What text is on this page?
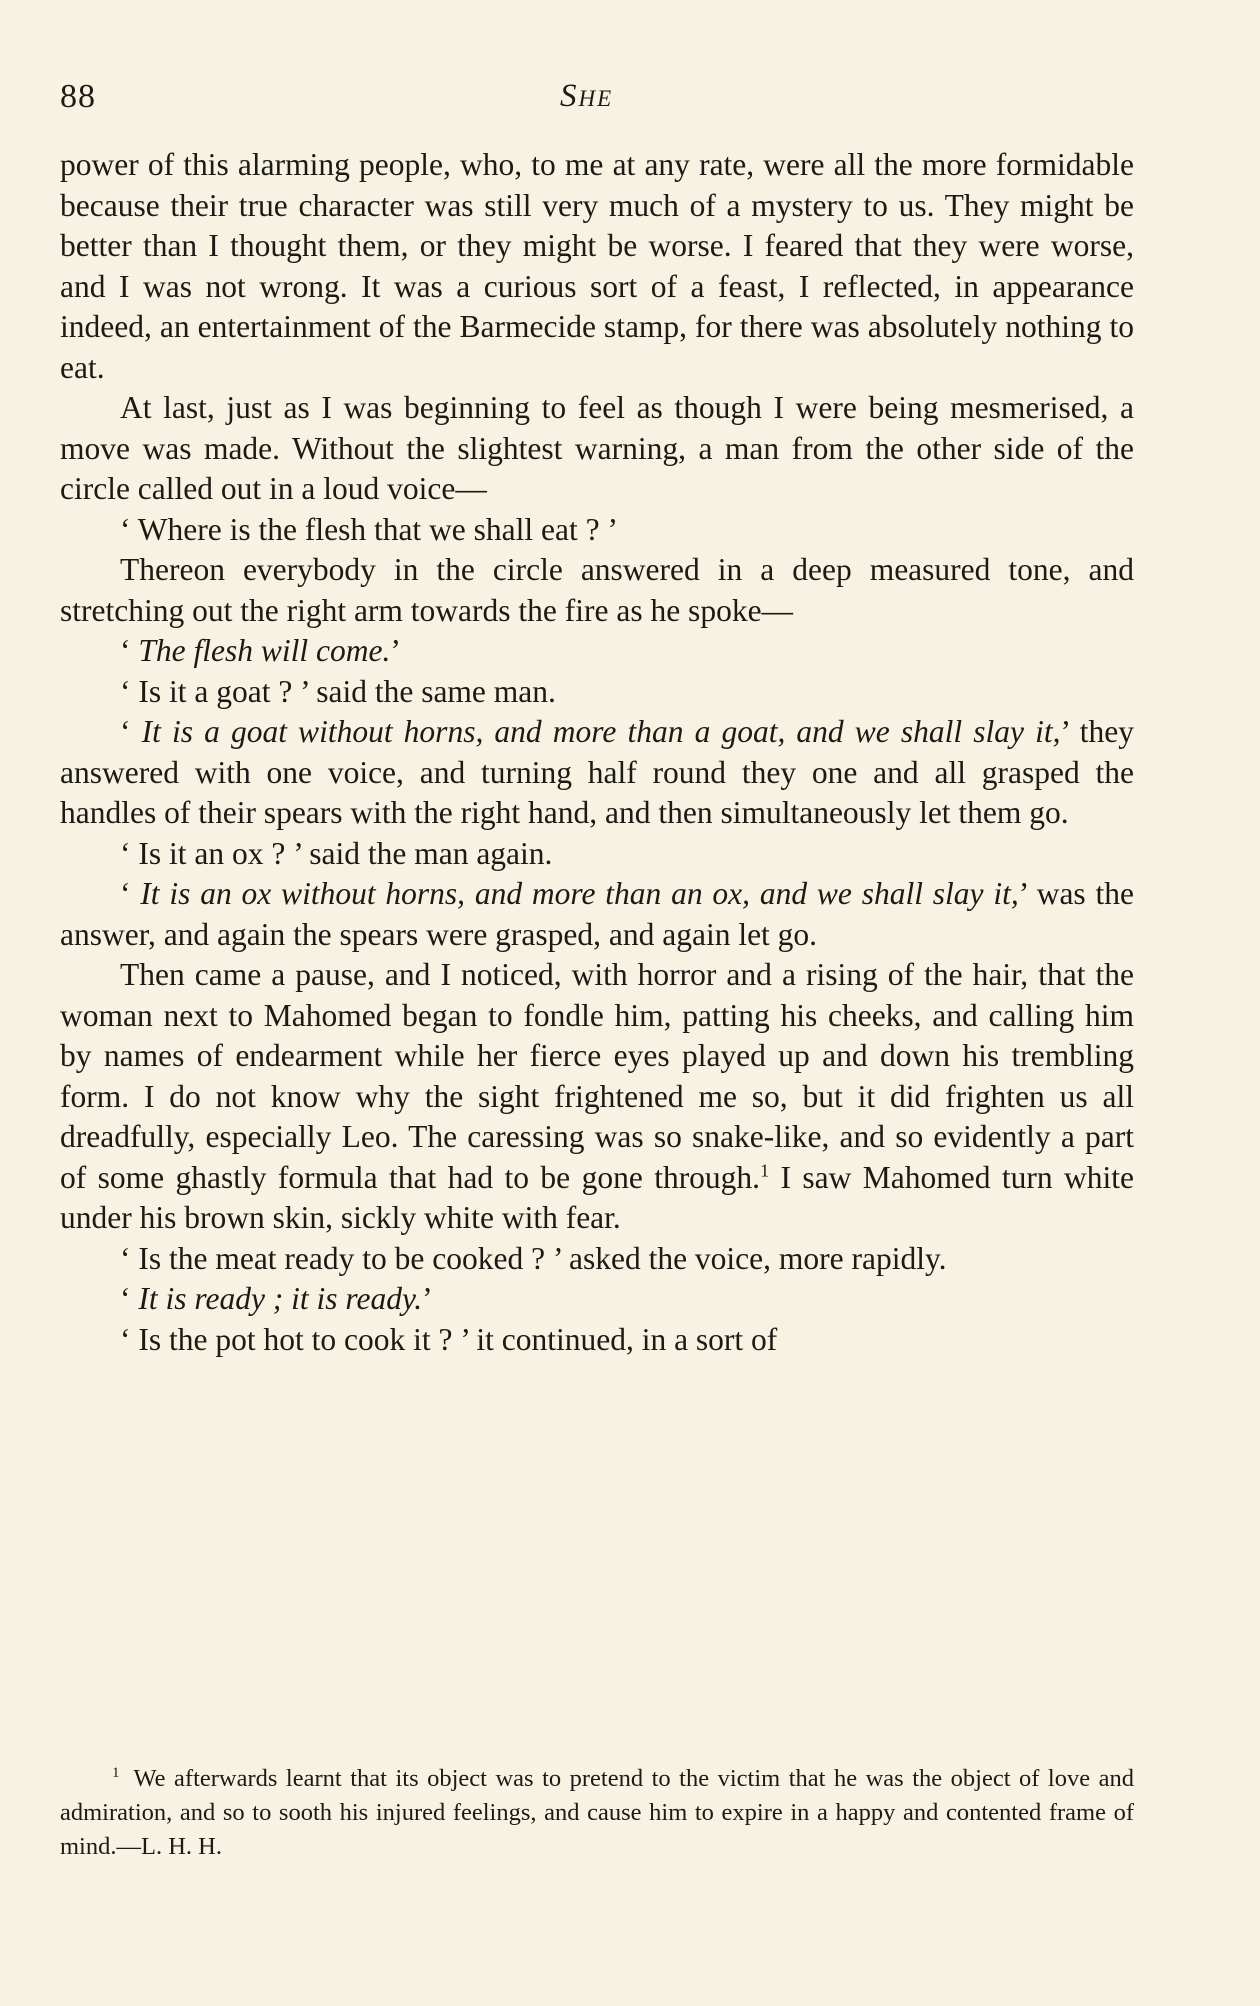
88	She

power of this alarming people, who, to me at any rate, were all the more formidable because their true character was still very much of a mystery to us. They might be better than I thought them, or they might be worse. I feared that they were worse, and I was not wrong. It was a curious sort of a feast, I reflected, in appearance indeed, an entertainment of the Barmecide stamp, for there was absolutely nothing to eat.

At last, just as I was beginning to feel as though I were being mesmerised, a move was made. Without the slightest warning, a man from the other side of the circle called out in a loud voice—

‘ Where is the flesh that we shall eat ? ’

Thereon everybody in the circle answered in a deep measured tone, and stretching out the right arm towards the fire as he spoke—

‘ The flesh will come.’

‘ Is it a goat ? ’ said the same man.

‘ It is a goat without horns, and more than a goat, and we shall slay it,’ they answered with one voice, and turning half round they one and all grasped the handles of their spears with the right hand, and then simultaneously let them go.

‘ Is it an ox ? ’ said the man again.

‘ It is an ox without horns, and more than an ox, and we shall slay it,’ was the answer, and again the spears were grasped, and again let go.

Then came a pause, and I noticed, with horror and a rising of the hair, that the woman next to Mahomed began to fondle him, patting his cheeks, and calling him by names of endearment while her fierce eyes played up and down his trembling form. I do not know why the sight frightened me so, but it did frighten us all dreadfully, especially Leo. The caressing was so snake-like, and so evidently a part of some ghastly formula that had to be gone through.$^1$ I saw Mahomed turn white under his brown skin, sickly white with fear.

‘ Is the meat ready to be cooked ? ’ asked the voice, more rapidly.

‘ It is ready ; it is ready.’

‘ Is the pot hot to cook it ? ’ it continued, in a sort of

$^1$ We afterwards learnt that its object was to pretend to the victim that he was the object of love and admiration, and so to sooth his injured feelings, and cause him to expire in a happy and contented frame of mind.—L. H. H.
